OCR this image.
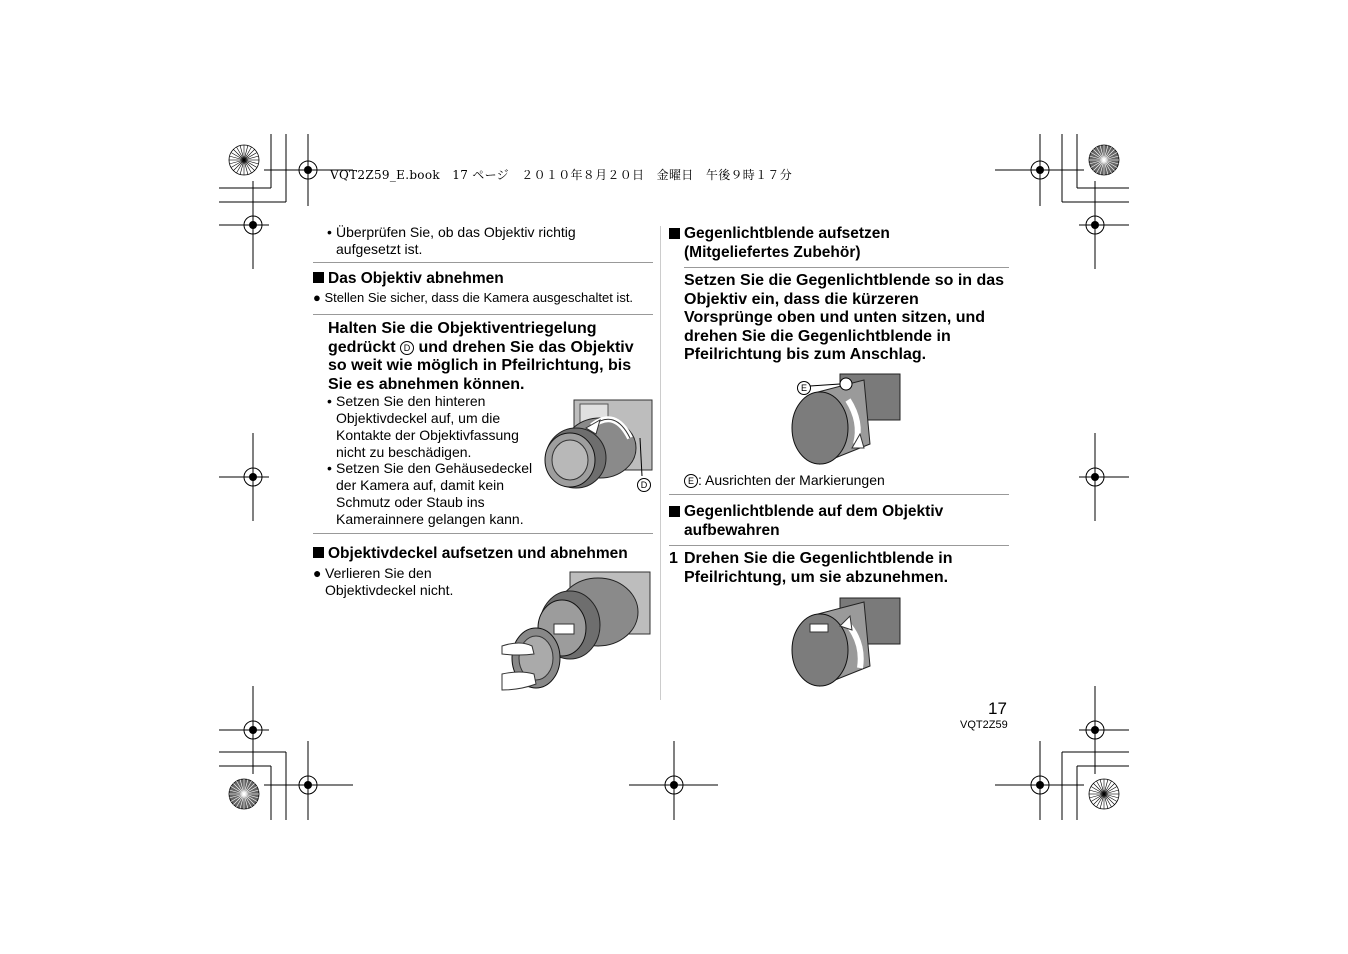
VQT2Z59_E.book 17 ページ ２０１０年８月２０日 金曜日 午後９時１７分
• Überprüfen Sie, ob das Objektiv richtig aufgesetzt ist.
Das Objektiv abnehmen
● Stellen Sie sicher, dass die Kamera ausgeschaltet ist.
Halten Sie die Objektiventriegelung gedrückt D und drehen Sie das Objektiv so weit wie möglich in Pfeilrichtung, bis Sie es abnehmen können.
• Setzen Sie den hinteren Objektivdeckel auf, um die Kontakte der Objektivfassung nicht zu beschädigen.
• Setzen Sie den Gehäusedeckel der Kamera auf, damit kein Schmutz oder Staub ins Kamerainnere gelangen kann.
D
Objektivdeckel aufsetzen und abnehmen
● Verlieren Sie den Objektivdeckel nicht.
Gegenlichtblende aufsetzen (Mitgeliefertes Zubehör)
Setzen Sie die Gegenlichtblende so in das Objektiv ein, dass die kürzeren Vorsprünge oben und unten sitzen, und drehen Sie die Gegenlichtblende in Pfeilrichtung bis zum Anschlag.
E
E : Ausrichten der Markierungen
Gegenlichtblende auf dem Objektiv aufbewahren
1 Drehen Sie die Gegenlichtblende in Pfeilrichtung, um sie abzunehmen.
17
VQT2Z59
